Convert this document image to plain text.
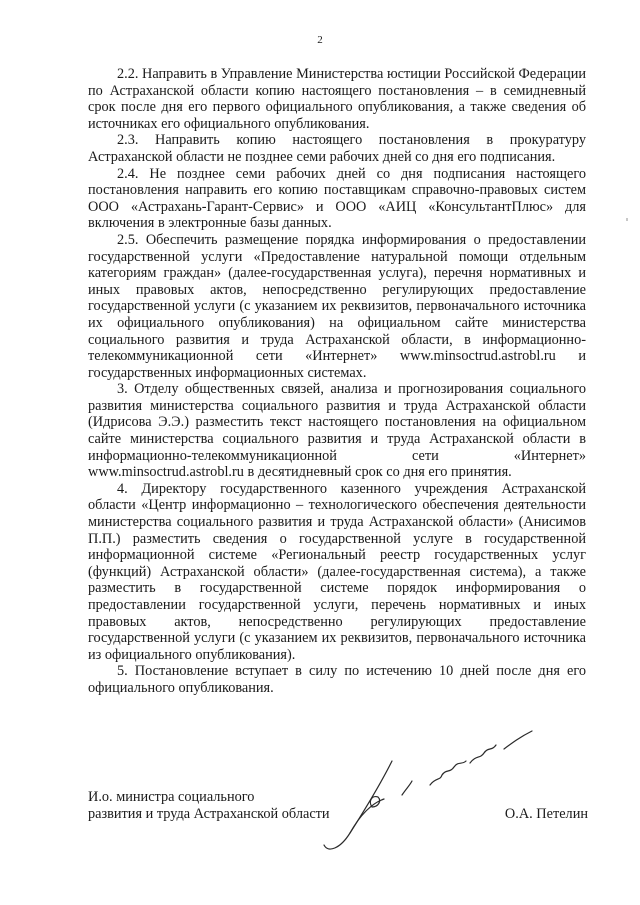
2

2.2. Направить в Управление Министерства юстиции Российской Федерации по Астраханской области копию настоящего постановления – в семидневный срок после дня его первого официального опубликования, а также сведения об источниках его официального опубликования.

2.3. Направить копию настоящего постановления в прокуратуру Астраханской области не позднее семи рабочих дней со дня его подписания.

2.4. Не позднее семи рабочих дней со дня подписания настоящего постановления направить его копию поставщикам справочно-правовых систем ООО «Астрахань-Гарант-Сервис» и ООО «АИЦ «КонсультантПлюс» для включения в электронные базы данных.

2.5. Обеспечить размещение порядка информирования о предоставлении государственной услуги «Предоставление натуральной помощи отдельным категориям граждан» (далее-государственная услуга), перечня нормативных и иных правовых актов, непосредственно регулирующих предоставление государственной услуги (с указанием их реквизитов, первоначального источника их официального опубликования) на официальном сайте министерства социального развития и труда Астраханской области, в информационно-телекоммуникационной сети «Интернет» www.minsoctrud.astrobl.ru и государственных информационных системах.

3. Отделу общественных связей, анализа и прогнозирования социального развития министерства социального развития и труда Астраханской области (Идрисова Э.Э.) разместить текст настоящего постановления на официальном сайте министерства социального развития и труда Астраханской области в информационно-телекоммуникационной сети «Интернет» www.minsoctrud.astrobl.ru в десятидневный срок со дня его принятия.

4. Директору государственного казенного учреждения Астраханской области «Центр информационно – технологического обеспечения деятельности министерства социального развития и труда Астраханской области» (Анисимов П.П.) разместить сведения о государственной услуге в государственной информационной системе «Региональный реестр государственных услуг (функций) Астраханской области» (далее-государственная система), а также разместить в государственной системе порядок информирования о предоставлении государственной услуги, перечень нормативных и иных правовых актов, непосредственно регулирующих предоставление государственной услуги (с указанием их реквизитов, первоначального источника из официального опубликования).

5. Постановление вступает в силу по истечению 10 дней после дня его официального опубликования.

И.о. министра социального
развития и труда Астраханской области	О.А. Петелин
